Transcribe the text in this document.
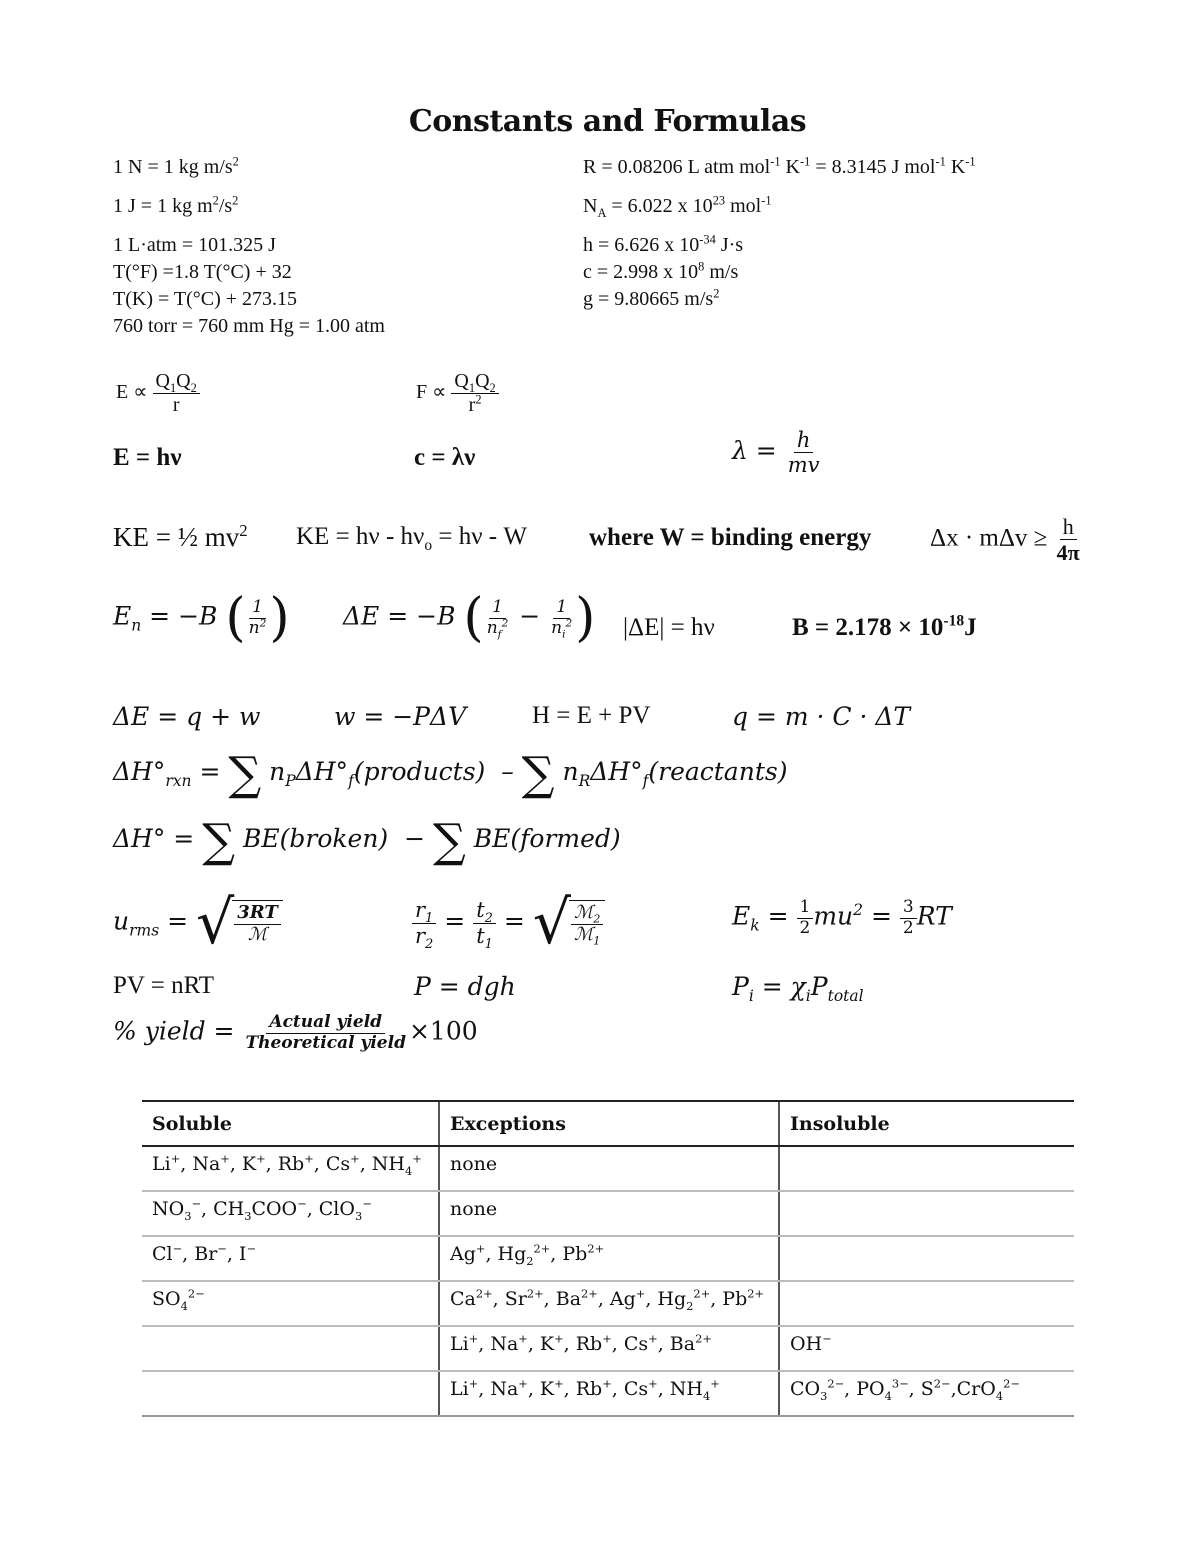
Constants and Formulas
1 N = 1 kg $m/s^2$
1 J = 1 kg $m^2/s^2$
1 L·atm = 101.325 J
T(°F) =1.8 T(°C) + 32
T(K) = T(°C) + 273.15
760 torr = 760 mm Hg = 1.00 atm
R = 0.08206 L atm mol$^{-1}$ $K^{-1} = 8.3145$ J mol$^{-1}$ $K^{-1}$
$N_A = 6.022$ x $10^{23}$ mol$^{-1}$
h = 6.626 x $10^{-34}$ J·s
c = 2.998 x $10^8$ m/s
g = 9.80665 $m/s^2$
$E \propto \frac{Q_1Q_2}{r}$	$F \propto \frac{Q_1Q_2}{r^2}$
E = hν	c = λν	$\lambda = \frac{h}{mv}$
KE = ½ $mv^2$ KE = $h\nu - h\nu_o = h\nu - W$ where W = binding energy $\Delta x \cdot m\Delta v \ge \frac{h}{4\pi}$
$E_n = -B$ ( $\frac{1}{n^2}$ ) ΔE = −B ( $\frac{1}{n_f^2} - \frac{1}{n_i^2}$ ) |ΔE| = hν	$B = 2.178 \times 10^{-18}J$
ΔE = q + w	w = −PΔV	H = E + PV	q = m · C · ΔT
$\Delta H^\circ_{rxn}$ = ∑ $n_P\Delta H^\circ_f(products)$ – ∑ $n_R\Delta H^\circ_f(reactants)$
ΔH° = ∑ BE(broken) − ∑ BE(formed)
$u_{rms}$ = √ $\frac{3RT}{\text{ℳ}}$	$\frac{r_1}{r_2} = \frac{t_2}{t_1}$ = √ $\frac{ℳ_2}{ℳ_1}$	$E_k = \frac{1}{2} mu^2 = \frac{3}{2}$ RT
PV = nRT	P = dgh	$P_i = \chi_iP_{total}$
% yield = $\frac{\text{Actual yield}}{\text{Theoretical yield}} \times 100$
Soluble	Exceptions	Insoluble
Li+, Na+, K+, Rb+, Cs+, $NH_4^+$	none	
$NO_3^-$, $CH_3COO^-$, ClO$_3$−	none	
Cl−, Br−, I−	Ag+, $Hg_2^{2+}$, $Pb^{2+}$	
$SO_4^{2-}$	$Ca^{2+}$, $Sr^{2+}$, $Ba^{2+}$, Ag+, $Hg_2^{2+}$, $Pb^{2+}$	
	Li+, Na+, K+, Rb+, Cs+, $Ba^{2+}$	OH−
	Li+, Na+, K+, Rb+, Cs+, $NH_4^+$	$CO_3^{2-}$, $PO_4^{3-}$, $S^{2-},CrO_4^{2-}$
